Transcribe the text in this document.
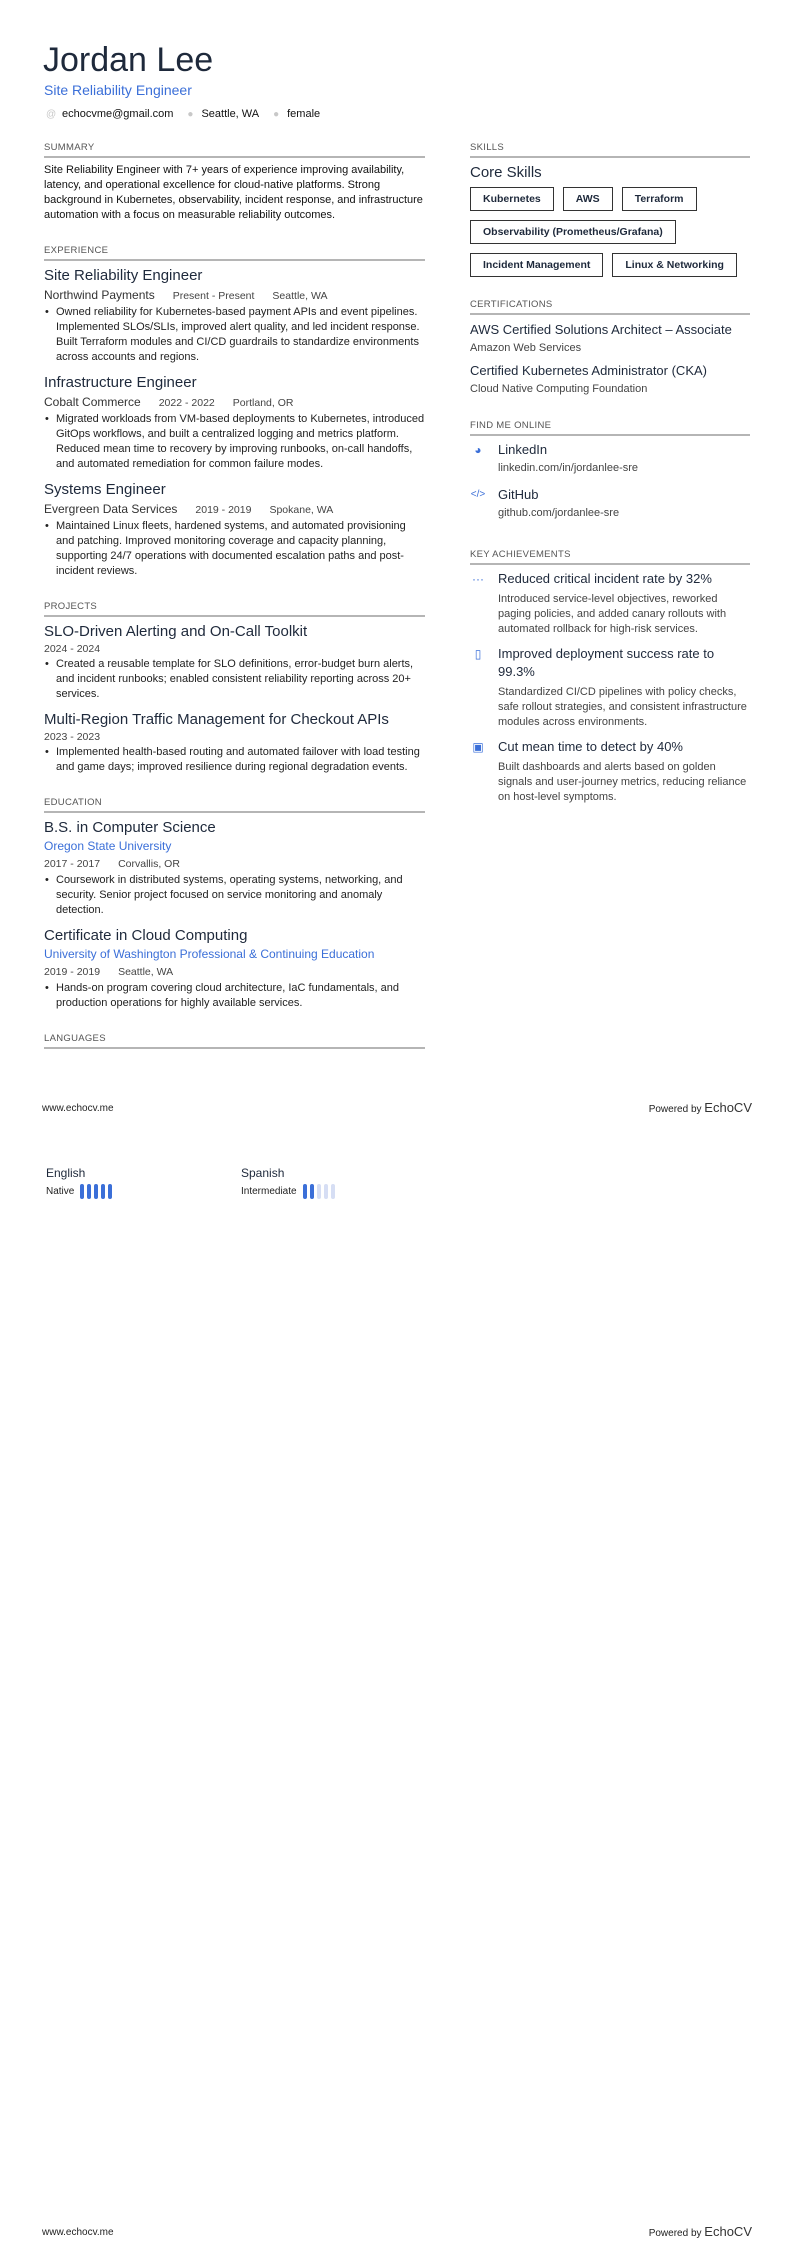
Jordan Lee
Site Reliability Engineer
@ echocvme@gmail.com ● Seattle, WA ● female
SUMMARY

Site Reliability Engineer with 7+ years of experience improving availability, latency, and operational excellence for cloud-native platforms. Strong background in Kubernetes, observability, incident response, and infrastructure automation with a focus on measurable reliability outcomes.

EXPERIENCE
Site Reliability Engineer
Northwind Payments Present - Present Seattle, WA
• Owned reliability for Kubernetes-based payment APIs and event pipelines. Implemented SLOs/SLIs, improved alert quality, and led incident response. Built Terraform modules and CI/CD guardrails to standardize environments across accounts and regions.
Infrastructure Engineer
Cobalt Commerce 2022 - 2022 Portland, OR
• Migrated workloads from VM-based deployments to Kubernetes, introduced GitOps workflows, and built a centralized logging and metrics platform. Reduced mean time to recovery by improving runbooks, on-call handoffs, and automated remediation for common failure modes.
Systems Engineer
Evergreen Data Services 2019 - 2019 Spokane, WA
• Maintained Linux fleets, hardened systems, and automated provisioning and patching. Improved monitoring coverage and capacity planning, supporting 24/7 operations with documented escalation paths and post-incident reviews.
PROJECTS
SLO-Driven Alerting and On-Call Toolkit
2024 - 2024
• Created a reusable template for SLO definitions, error-budget burn alerts, and incident runbooks; enabled consistent reliability reporting across 20+ services.
Multi-Region Traffic Management for Checkout APIs
2023 - 2023
• Implemented health-based routing and automated failover with load testing and game days; improved resilience during regional degradation events.
EDUCATION
B.S. in Computer Science
Oregon State University
2017 - 2017 Corvallis, OR
• Coursework in distributed systems, operating systems, networking, and security. Senior project focused on service monitoring and anomaly detection.
Certificate in Cloud Computing
University of Washington Professional & Continuing Education
2019 - 2019 Seattle, WA
• Hands-on program covering cloud architecture, IaC fundamentals, and production operations for highly available services.
LANGUAGES
SKILLS
Core Skills
Kubernetes	AWS	Terraform
Observability (Prometheus/Grafana)
Incident Management	Linux & Networking
CERTIFICATIONS
AWS Certified Solutions Architect – Associate
Amazon Web Services
Certified Kubernetes Administrator (CKA)
Cloud Native Computing Foundation
FIND ME ONLINE
◕	LinkedIn
linkedin.com/in/jordanlee-sre
</> GitHub
github.com/jordanlee-sre
KEY ACHIEVEMENTS
··· Reduced critical incident rate by 32%
Introduced service-level objectives, reworked paging policies, and added canary rollouts with automated rollback for high-risk services.
▯	Improved deployment success rate to 99.3%
Standardized CI/CD pipelines with policy checks, safe rollout strategies, and consistent infrastructure modules across environments.
▣ Cut mean time to detect by 40%
Built dashboards and alerts based on golden signals and user-journey metrics, reducing reliance on host-level symptoms.
www.echocv.me	Powered by EchoCV
English
Native
Spanish
Intermediate
www.echocv.me	Powered by EchoCV
